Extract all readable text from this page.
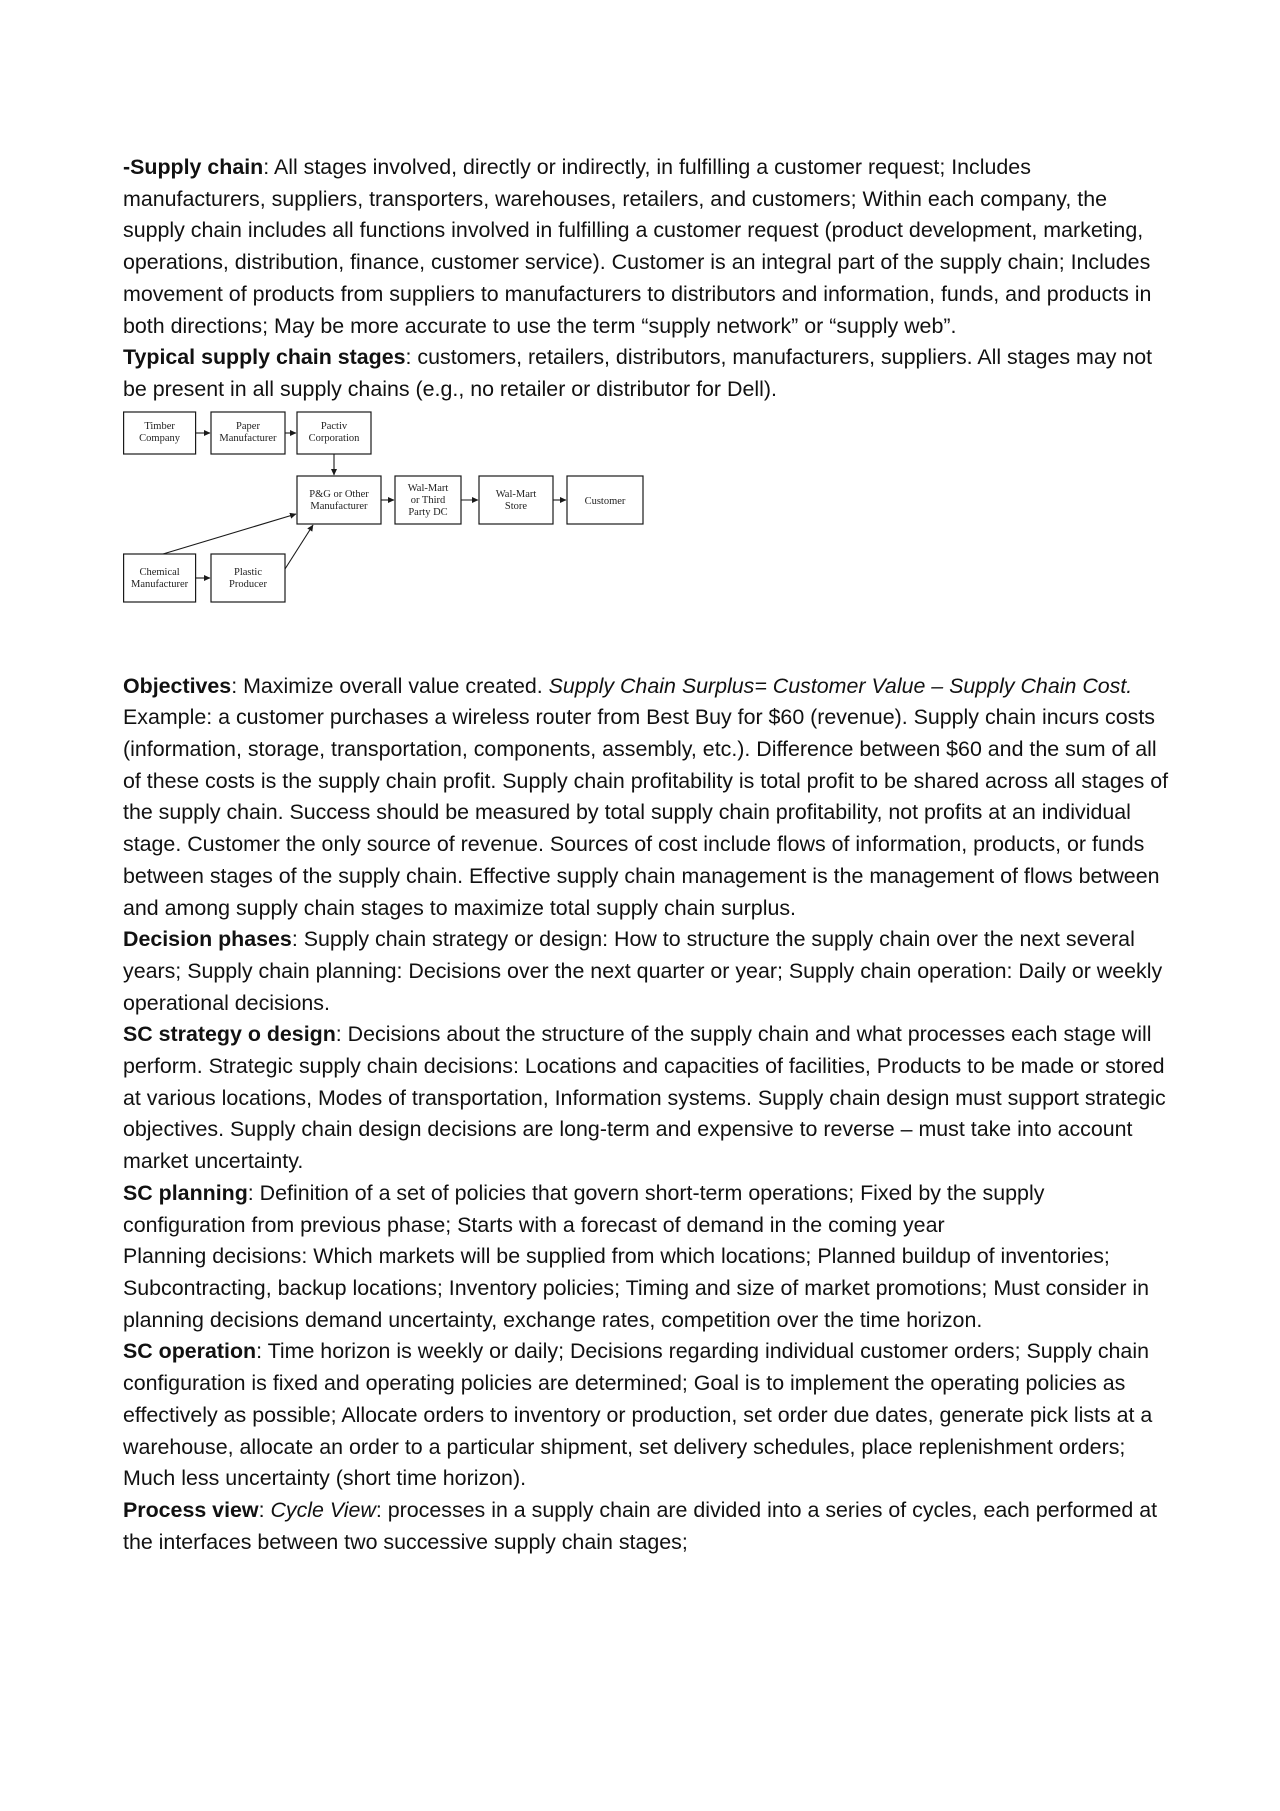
-Supply chain: All stages involved, directly or indirectly, in fulfilling a customer request; Includes manufacturers, suppliers, transporters, warehouses, retailers, and customers; Within each company, the supply chain includes all functions involved in fulfilling a customer request (product development, marketing, operations, distribution, finance, customer service). Customer is an integral part of the supply chain; Includes movement of products from suppliers to manufacturers to distributors and information, funds, and products in both directions; May be more accurate to use the term “supply network” or “supply web”.

Typical supply chain stages: customers, retailers, distributors, manufacturers, suppliers. All stages may not be present in all supply chains (e.g., no retailer or distributor for Dell).

Timber
Company
Paper
Manufacturer
Pactiv
Corporation
P&G or Other
Manufacturer
Wal-Mart
or Third
Party DC
Wal-Mart
Store	Customer
Chemical
Manufacturer
Plastic
Producer

Objectives: Maximize overall value created. Supply Chain Surplus= Customer Value – Supply Chain Cost.

Example: a customer purchases a wireless router from Best Buy for $60 (revenue). Supply chain incurs costs (information, storage, transportation, components, assembly, etc.). Difference between $60 and the sum of all of these costs is the supply chain profit. Supply chain profitability is total profit to be shared across all stages of the supply chain. Success should be measured by total supply chain profitability, not profits at an individual stage. Customer the only source of revenue. Sources of cost include flows of information, products, or funds between stages of the supply chain. Effective supply chain management is the management of flows between and among supply chain stages to maximize total supply chain surplus.

Decision phases: Supply chain strategy or design: How to structure the supply chain over the next several years; Supply chain planning: Decisions over the next quarter or year; Supply chain operation: Daily or weekly operational decisions.

SC strategy o design: Decisions about the structure of the supply chain and what processes each stage will perform. Strategic supply chain decisions: Locations and capacities of facilities, Products to be made or stored at various locations, Modes of transportation, Information systems. Supply chain design must support strategic objectives. Supply chain design decisions are long-term and expensive to reverse – must take into account market uncertainty.

SC planning: Definition of a set of policies that govern short-term operations; Fixed by the supply configuration from previous phase; Starts with a forecast of demand in the coming year

Planning decisions: Which markets will be supplied from which locations; Planned buildup of inventories; Subcontracting, backup locations; Inventory policies; Timing and size of market promotions; Must consider in planning decisions demand uncertainty, exchange rates, competition over the time horizon.

SC operation: Time horizon is weekly or daily; Decisions regarding individual customer orders; Supply chain configuration is fixed and operating policies are determined; Goal is to implement the operating policies as effectively as possible; Allocate orders to inventory or production, set order due dates, generate pick lists at a warehouse, allocate an order to a particular shipment, set delivery schedules, place replenishment orders; Much less uncertainty (short time horizon).

Process view: Cycle View: processes in a supply chain are divided into a series of cycles, each performed at the interfaces between two successive supply chain stages;
